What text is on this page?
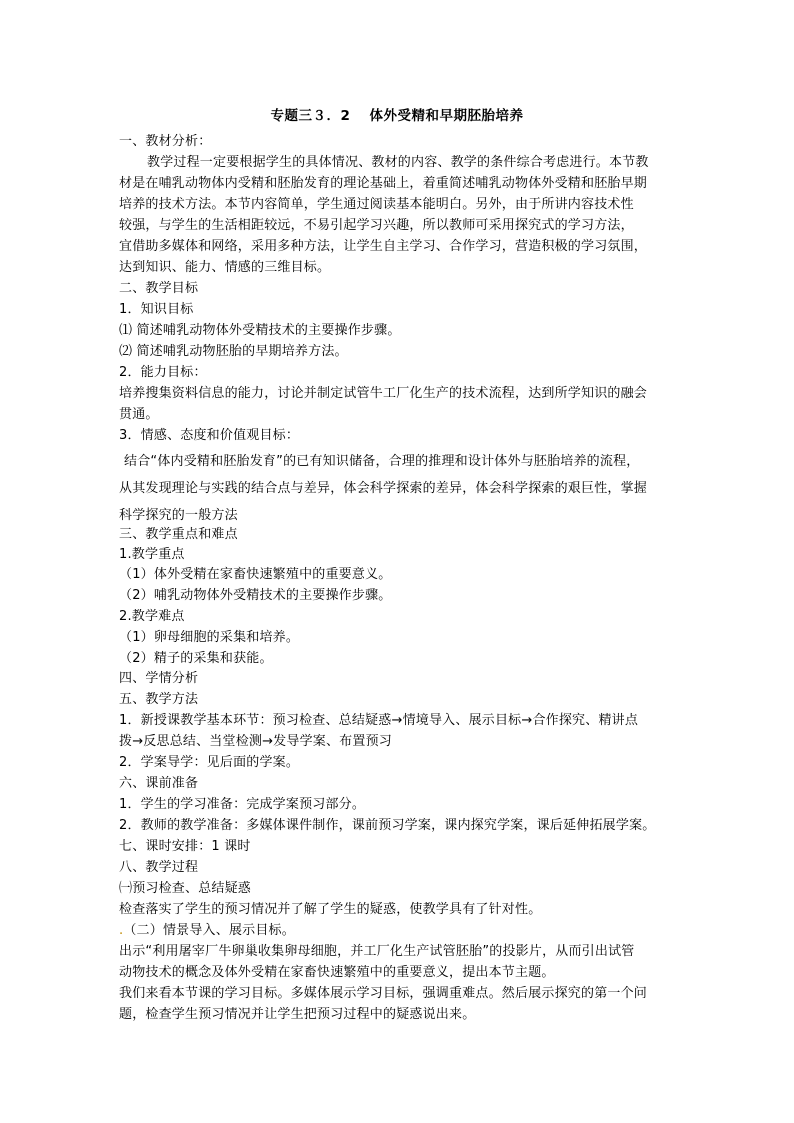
专题三３．2　 体外受精和早期胚胎培养
一、教材分析：
教学过程一定要根据学生的具体情况、教材的内容、教学的条件综合考虑进行。本节教
材是在哺乳动物体内受精和胚胎发育的理论基础上，着重简述哺乳动物体外受精和胚胎早期
培养的技术方法。本节内容简单，学生通过阅读基本能明白。另外，由于所讲内容技术性
较强，与学生的生活相距较远，不易引起学习兴趣，所以教师可采用探究式的学习方法，
宜借助多媒体和网络，采用多种方法，让学生自主学习、合作学习，营造积极的学习氛围，
达到知识、能力、情感的三维目标。
二、教学目标
1．知识目标
⑴ 简述哺乳动物体外受精技术的主要操作步骤。
⑵ 简述哺乳动物胚胎的早期培养方法。
2．能力目标：
培养搜集资料信息的能力，讨论并制定试管牛工厂化生产的技术流程，达到所学知识的融会
贯通。
3．情感、态度和价值观目标：
结合“体内受精和胚胎发育”的已有知识储备，合理的推理和设计体外与胚胎培养的流程，
从其发现理论与实践的结合点与差异，体会科学探索的差异，体会科学探索的艰巨性，掌握
科学探究的一般方法
三、教学重点和难点
1.教学重点
（1）体外受精在家畜快速繁殖中的重要意义。
（2）哺乳动物体外受精技术的主要操作步骤。
2.教学难点
（1）卵母细胞的采集和培养。
（2）精子的采集和获能。
四、学情分析
五、教学方法
1．新授课教学基本环节：预习检查、总结疑惑→情境导入、展示目标→合作探究、精讲点
拨→反思总结、当堂检测→发导学案、布置预习
2．学案导学：见后面的学案。
六、课前准备
1．学生的学习准备：完成学案预习部分。
2．教师的教学准备：多媒体课件制作，课前预习学案，课内探究学案，课后延伸拓展学案。
七、课时安排：1 课时
八、教学过程
㈠预习检查、总结疑惑
检查落实了学生的预习情况并了解了学生的疑惑，使教学具有了针对性。
.（二）情景导入、展示目标。
出示“利用屠宰厂牛卵巢收集卵母细胞，并工厂化生产试管胚胎”的投影片，从而引出试管
动物技术的概念及体外受精在家畜快速繁殖中的重要意义，提出本节主题。
我们来看本节课的学习目标。多媒体展示学习目标，强调重难点。然后展示探究的第一个问
题，检查学生预习情况并让学生把预习过程中的疑惑说出来。
